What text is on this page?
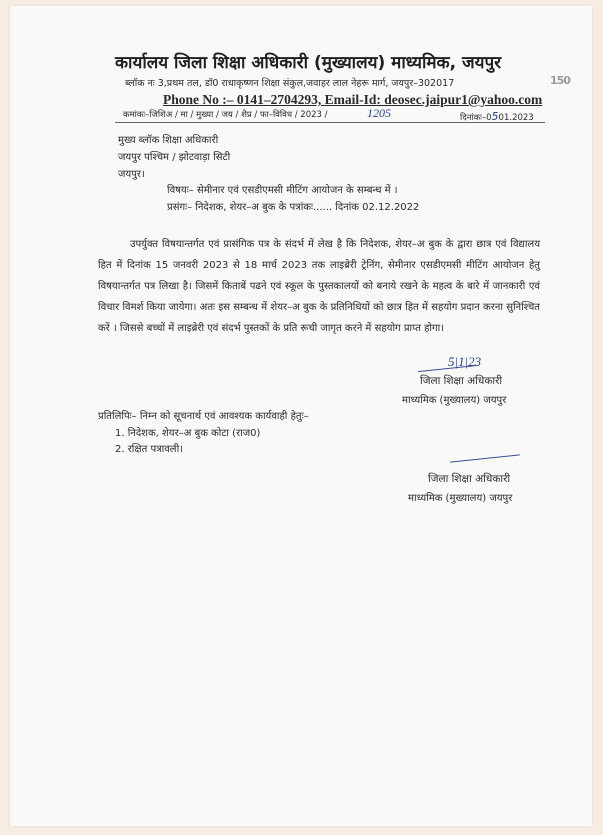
कार्यालय जिला शिक्षा अधिकारी (मुख्यालय) माध्यमिक, जयपुर
ब्लॉक नः 3,प्रथम तल, डॉ0 राधाकृष्णन शिक्षा संकुल,जवाहर लाल नेहरू मार्ग, जयपुर–302017	150
Phone No :– 0141–2704293, Email-Id: deosec.jaipur1@yahoo.com
कमांकः–जिशिअ / मा / मुख्या / जय / शैप्र / फा–विविध / 2023 /	1205	दिनांकः–0501.2023
मुख्य ब्लॉक शिक्षा अधिकारी
जयपुर पश्चिम / झोटवाड़ा सिटी
जयपुर।
विषयः– सेमीनार एवं एसडीएमसी मीटिंग आयोजन के सम्बन्ध में ।
प्रसंगः– निदेशक, शेयर–अ बुक के पत्रांकः...... दिनांक 02.12.2022
उपर्युक्त विषयान्तर्गत एवं प्रासंगिक पत्र के संदर्भ में लेख है कि निदेशक, शेयर–अ बुक के द्वारा छात्र एवं विद्यालय हित में दिनांक 15 जनवरी 2023 से 18 मार्च 2023 तक लाइब्रेरी ट्रेनिंग, सेमीनार एसडीएमसी मीटिंग आयोजन हेतु विषयान्तर्गत पत्र लिखा है। जिसमें किताबें पढने एवं स्कूल के पुस्तकालयों को बनाये रखने के महत्व के बारे में जानकारी एवं विचार विमर्श किया जायेगा। अतः इस सम्बन्ध में शेयर–अ बुक के प्रतिनिधियों को छात्र हित में सहयोग प्रदान करना सुनिश्चित करें । जिससे बच्चों में लाइब्रेरी एवं संदर्भ पुस्तकों के प्रति रूची जागृत करने में सहयोग प्राप्त होगा।
5|1|23
जिला शिक्षा अधिकारी
माध्यमिक (मुख्यालय) जयपुर
प्रतिलिपिः– निम्न को सूचनार्थ एवं आवश्यक कार्यवाही हेतुः–
1. निदेशक, शेयर–अ बुक कोटा (राज0)
2. रक्षित पत्रावली।
जिला शिक्षा अधिकारी
माध्यमिक (मुख्यालय) जयपुर
